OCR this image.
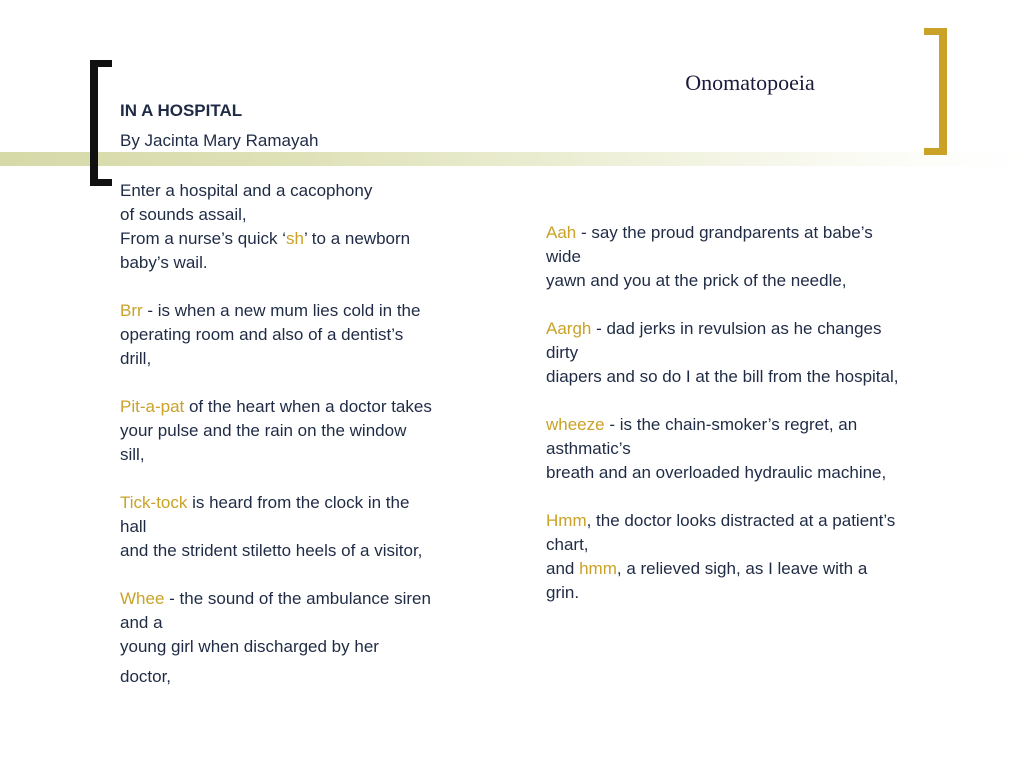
Onomatopoeia
IN A HOSPITAL
By Jacinta Mary Ramayah
Enter a hospital and a cacophony
of sounds assail,
From a nurse’s quick ‘sh’ to a newborn
baby’s wail.
Brr - is when a new mum lies cold in the
operating room and also of a dentist’s
drill,
Pit-a-pat of the heart when a doctor takes
your pulse and the rain on the window
sill,
Tick-tock is heard from the clock in the
hall
and the strident stiletto heels of a visitor,
Whee - the sound of the ambulance siren
and a
young girl when discharged by her
doctor,
Aah - say the proud grandparents at babe’s
wide
yawn and you at the prick of the needle,
Aargh - dad jerks in revulsion as he changes
dirty
diapers and so do I at the bill from the hospital,
wheeze - is the chain-smoker’s regret, an
asthmatic’s
breath and an overloaded hydraulic machine,
Hmm, the doctor looks distracted at a patient’s
chart,
and hmm, a relieved sigh, as I leave with a
grin.
